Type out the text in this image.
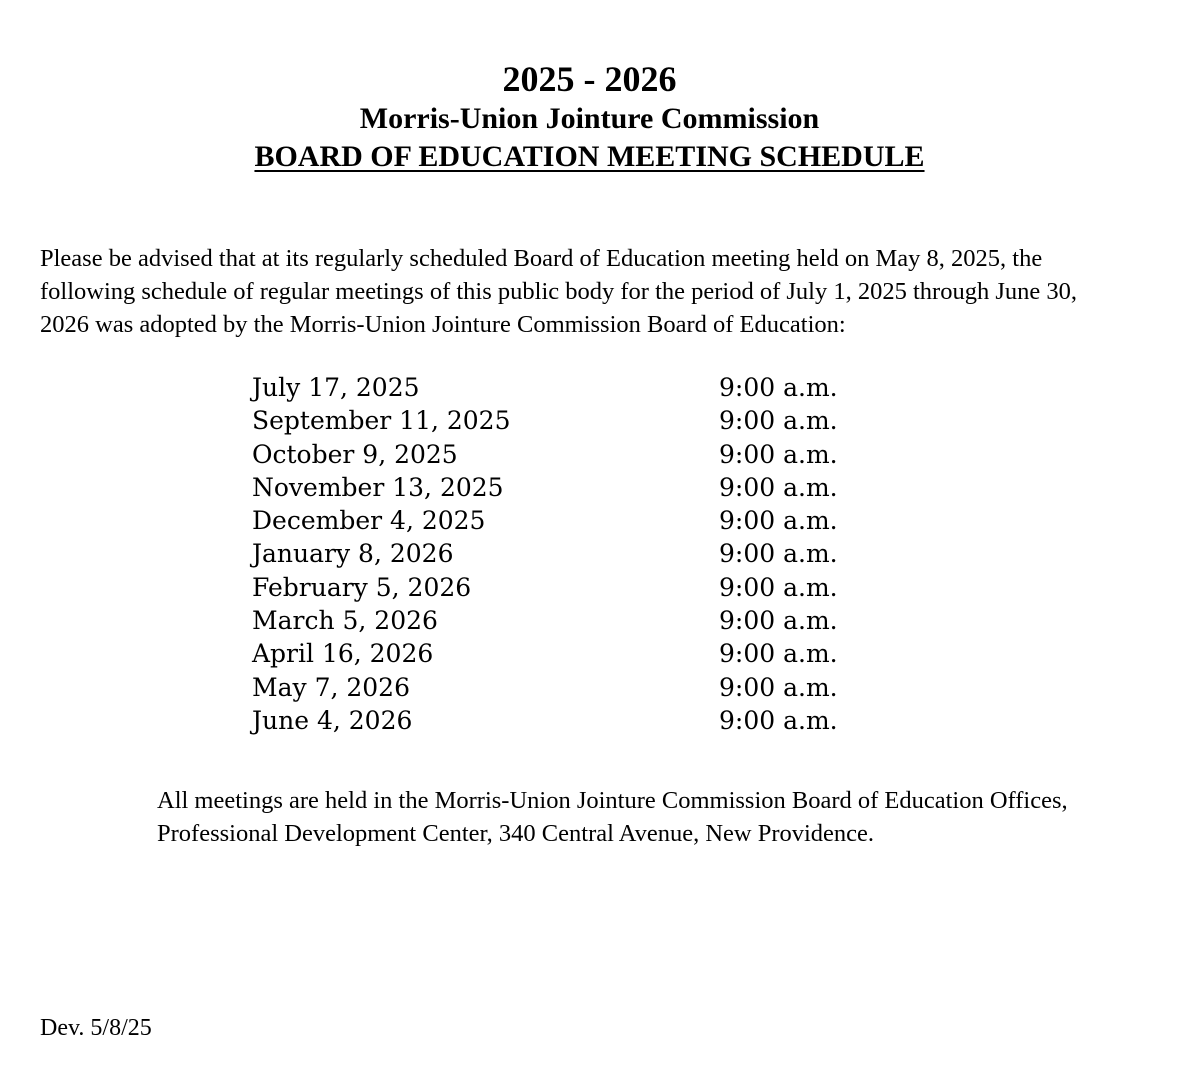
2025 - 2026
Morris-Union Jointure Commission
BOARD OF EDUCATION MEETING SCHEDULE

Please be advised that at its regularly scheduled Board of Education meeting held on May 8, 2025, the following schedule of regular meetings of this public body for the period of July 1, 2025 through June 30, 2026 was adopted by the Morris-Union Jointure Commission Board of Education:

July 17, 2025	9:00 a.m.
September 11, 2025	9:00 a.m.
October 9, 2025	9:00 a.m.
November 13, 2025	9:00 a.m.
December 4, 2025	9:00 a.m.
January 8, 2026	9:00 a.m.
February 5, 2026	9:00 a.m.
March 5, 2026	9:00 a.m.
April 16, 2026	9:00 a.m.
May 7, 2026	9:00 a.m.
June 4, 2026	9:00 a.m.

All meetings are held in the Morris-Union Jointure Commission Board of Education Offices, Professional Development Center, 340 Central Avenue, New Providence.

Dev. 5/8/25
